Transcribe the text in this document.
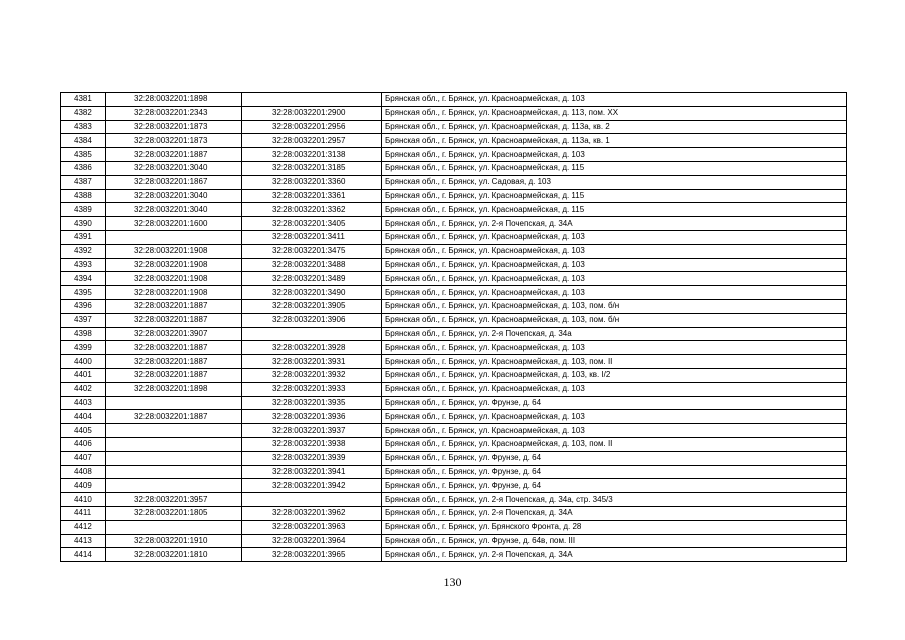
4381	32:28:0032201:1898		Брянская обл., г. Брянск, ул. Красноармейская, д. 103
4382	32:28:0032201:2343	32:28:0032201:2900	Брянская обл., г. Брянск, ул. Красноармейская, д. 113, пом. XX
4383	32:28:0032201:1873	32:28:0032201:2956	Брянская обл., г. Брянск, ул. Красноармейская, д. 113а, кв. 2
4384	32:28:0032201:1873	32:28:0032201:2957	Брянская обл., г. Брянск, ул. Красноармейская, д. 113а, кв. 1
4385	32:28:0032201:1887	32:28:0032201:3138	Брянская обл., г. Брянск, ул. Красноармейская, д. 103
4386	32:28:0032201:3040	32:28:0032201:3185	Брянская обл., г. Брянск, ул. Красноармейская, д. 115
4387	32:28:0032201:1867	32:28:0032201:3360	Брянская обл., г. Брянск, ул. Садовая, д. 103
4388	32:28:0032201:3040	32:28:0032201:3361	Брянская обл., г. Брянск, ул. Красноармейская, д. 115
4389	32:28:0032201:3040	32:28:0032201:3362	Брянская обл., г. Брянск, ул. Красноармейская, д. 115
4390	32:28:0032201:1600	32:28:0032201:3405	Брянская обл., г. Брянск, ул. 2-я Почепская, д. 34А
4391		32:28:0032201:3411	Брянская обл., г. Брянск, ул. Красноармейская, д. 103
4392	32:28:0032201:1908	32:28:0032201:3475	Брянская обл., г. Брянск, ул. Красноармейская, д. 103
4393	32:28:0032201:1908	32:28:0032201:3488	Брянская обл., г. Брянск, ул. Красноармейская, д. 103
4394	32:28:0032201:1908	32:28:0032201:3489	Брянская обл., г. Брянск, ул. Красноармейская, д. 103
4395	32:28:0032201:1908	32:28:0032201:3490	Брянская обл., г. Брянск, ул. Красноармейская, д. 103
4396	32:28:0032201:1887	32:28:0032201:3905	Брянская обл., г. Брянск, ул. Красноармейская, д. 103, пом. б/н
4397	32:28:0032201:1887	32:28:0032201:3906	Брянская обл., г. Брянск, ул. Красноармейская, д. 103, пом. б/н
4398	32:28:0032201:3907		Брянская обл., г. Брянск, ул. 2-я Почепская, д. 34а
4399	32:28:0032201:1887	32:28:0032201:3928	Брянская обл., г. Брянск, ул. Красноармейская, д. 103
4400	32:28:0032201:1887	32:28:0032201:3931	Брянская обл., г. Брянск, ул. Красноармейская, д. 103, пом. II
4401	32:28:0032201:1887	32:28:0032201:3932	Брянская обл., г. Брянск, ул. Красноармейская, д. 103, кв. I/2
4402	32:28:0032201:1898	32:28:0032201:3933	Брянская обл., г. Брянск, ул. Красноармейская, д. 103
4403		32:28:0032201:3935	Брянская обл., г. Брянск, ул. Фрунзе, д. 64
4404	32:28:0032201:1887	32:28:0032201:3936	Брянская обл., г. Брянск, ул. Красноармейская, д. 103
4405		32:28:0032201:3937	Брянская обл., г. Брянск, ул. Красноармейская, д. 103
4406		32:28:0032201:3938	Брянская обл., г. Брянск, ул. Красноармейская, д. 103, пом. II
4407		32:28:0032201:3939	Брянская обл., г. Брянск, ул. Фрунзе, д. 64
4408		32:28:0032201:3941	Брянская обл., г. Брянск, ул. Фрунзе, д. 64
4409		32:28:0032201:3942	Брянская обл., г. Брянск, ул. Фрунзе, д. 64
4410	32:28:0032201:3957		Брянская обл., г. Брянск, ул. 2-я Почепская, д. 34а, стр. 345/3
4411	32:28:0032201:1805	32:28:0032201:3962	Брянская обл., г. Брянск, ул. 2-я Почепская, д. 34А
4412		32:28:0032201:3963	Брянская обл., г. Брянск, ул. Брянского Фронта, д. 28
4413	32:28:0032201:1910	32:28:0032201:3964	Брянская обл., г. Брянск, ул. Фрунзе, д. 64в, пом. III
4414	32:28:0032201:1810	32:28:0032201:3965	Брянская обл., г. Брянск, ул. 2-я Почепская, д. 34А
130
